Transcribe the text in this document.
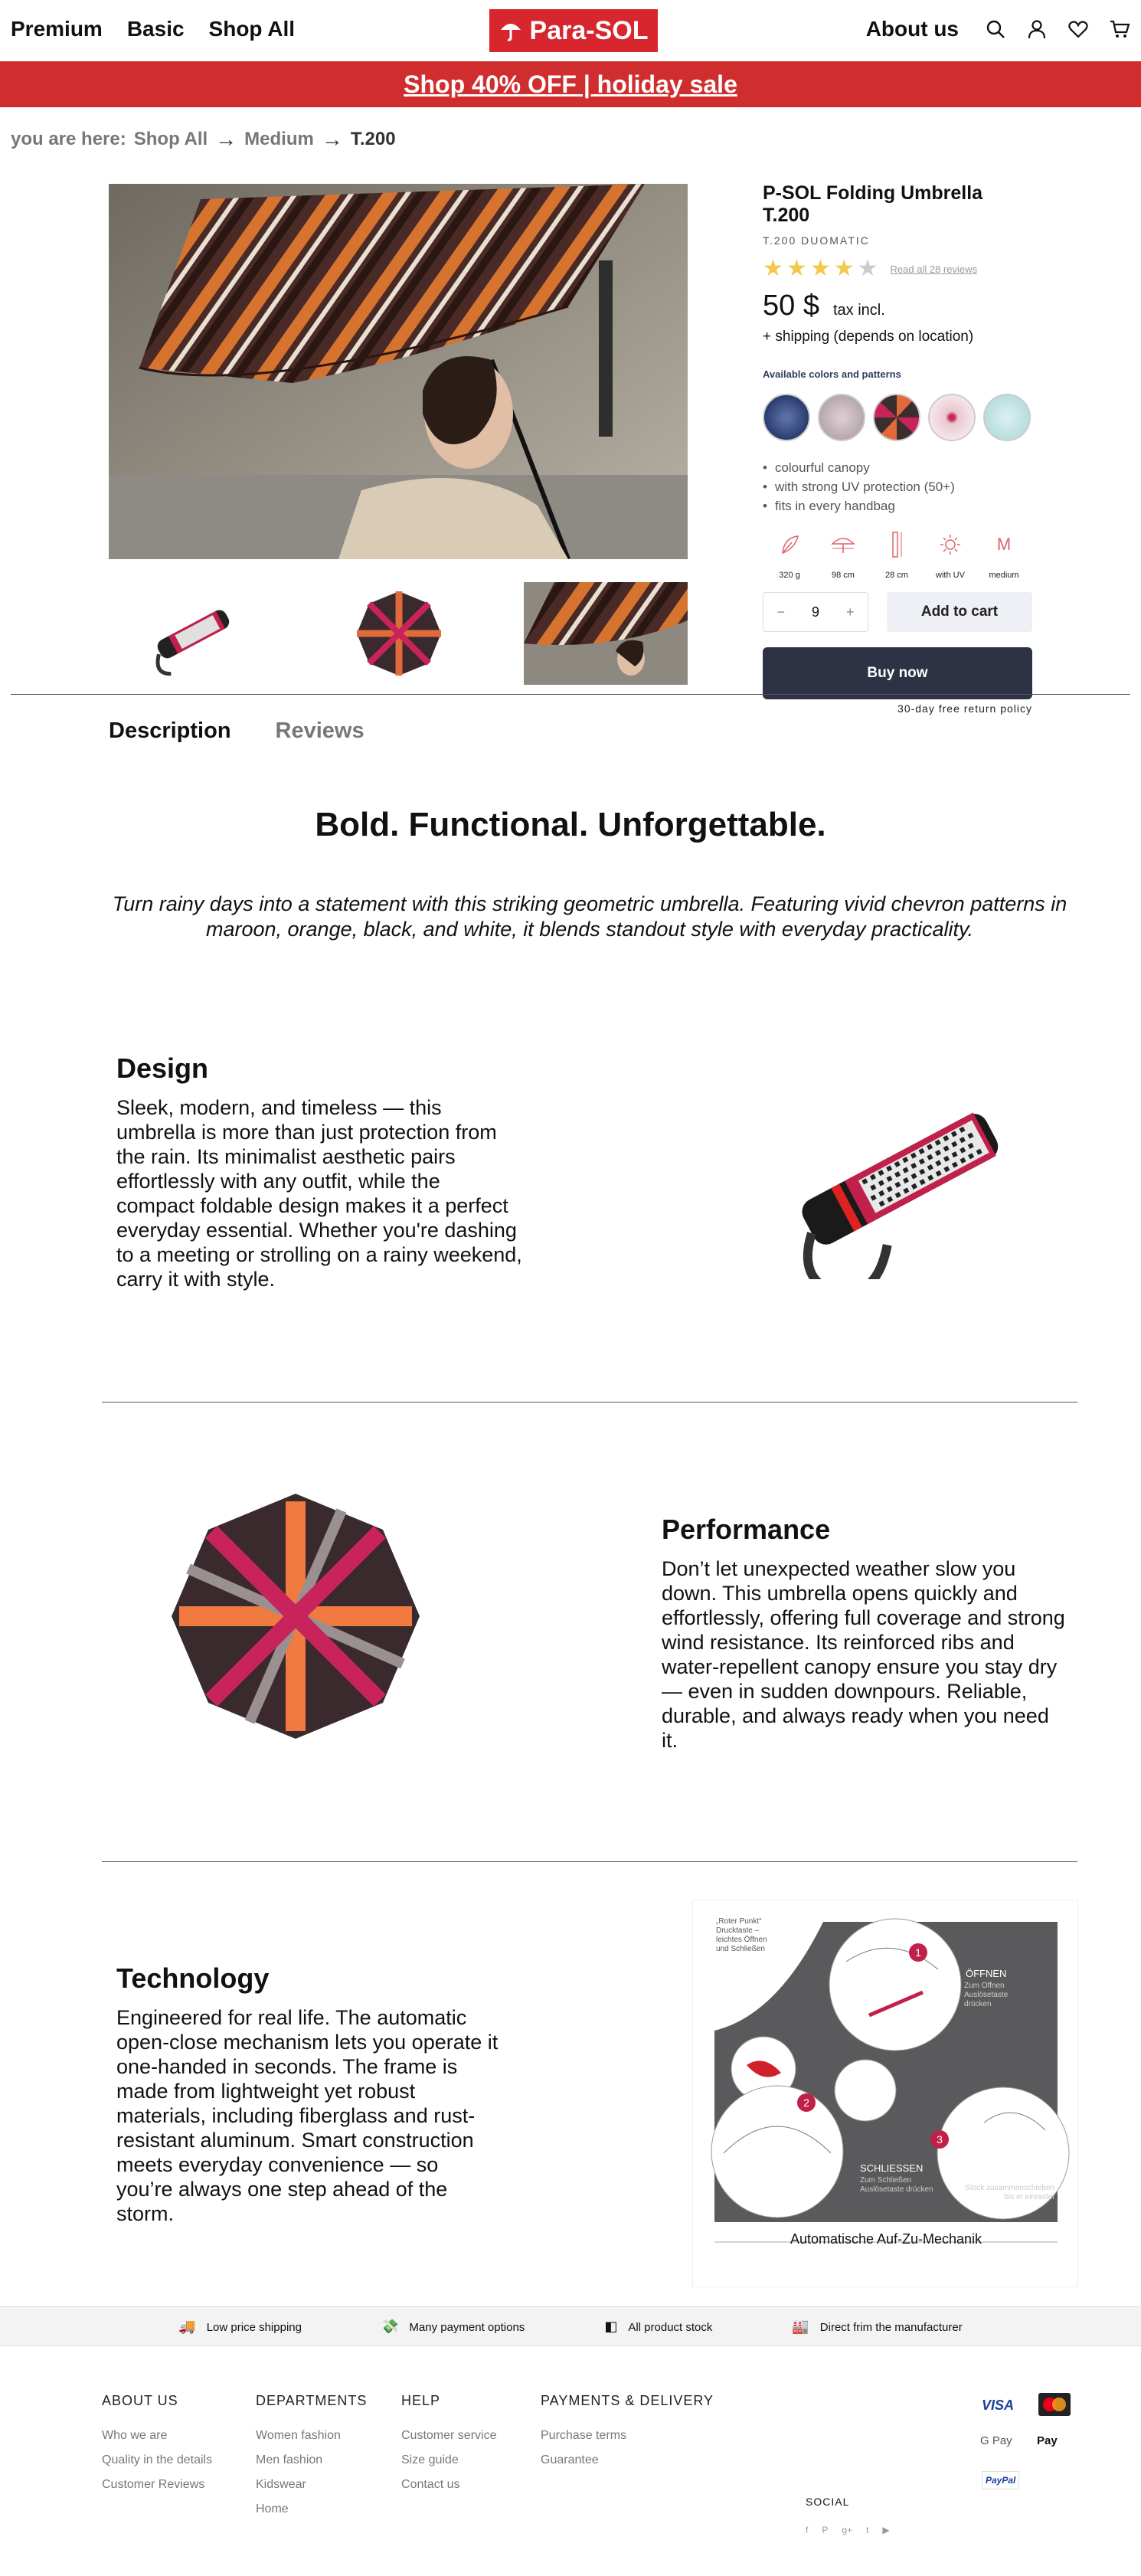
Premium Basic Shop All	Para-SOL	About us
Shop 40% OFF | holiday sale
you are here: Shop All → Medium → T.200
P-SOL Folding Umbrella T.200
T.200 DUOMATIC
★ ★ ★ ★ ★ Read all 28 reviews
50 $ tax incl.
+ shipping (depends on location)
Available colors and patterns
• colourful canopy
• with strong UV protection (50+)
• fits in every handbag
320 g	98 cm	28 cm	with UV
M
medium
− 9 +	Add to cart
Buy now
30-day free return policy
Description Reviews
Bold. Functional. Unforgettable.

Turn rainy days into a statement with this striking geometric umbrella. Featuring vivid chevron patterns in maroon, orange, black, and white, it blends standout style with everyday practicality.

Design

Sleek, modern, and timeless — this umbrella is more than just protection from the rain. Its minimalist aesthetic pairs effortlessly with any outfit, while the compact foldable design makes it a perfect everyday essential. Whether you're dashing to a meeting or strolling on a rainy weekend, carry it with style.

Performance

Don’t let unexpected weather slow you down. This umbrella opens quickly and effortlessly, offering full coverage and strong wind resistance. Its reinforced ribs and water-repellent canopy ensure you stay dry — even in sudden downpours. Reliable, durable, and always ready when you need it.

Technology

Engineered for real life. The automatic open-close mechanism lets you operate it one-handed in seconds. The frame is made from lightweight yet robust materials, including fiberglass and rust-resistant aluminum. Smart construction meets everyday convenience — so you’re always one step ahead of the storm.

1
2
3
„Roter Punkt“ Drucktaste – leichtes Öffnen und Schließen
ÖFFNEN
Zum Öffnen Auslösetaste drücken
SCHLIESSEN
Zum Schließen Auslösetaste drücken	Stock zusammenschieben bis er einrastet
Automatische Auf-Zu-Mechanik
🚚 Low price shipping	💸 Many payment options	◧ All product stock	🏭 Direct frim the manufacturer
ABOUT US
Who we are
Quality in the details
Customer Reviews
DEPARTMENTS
Women fashion
Men fashion
Kidswear
Home
HELP
Customer service
Size guide
Contact us
PAYMENTS & DELIVERY
Purchase terms
Guarantee
VISA
G Pay Pay
PayPal
SOCIAL
f P g+ t ▶
